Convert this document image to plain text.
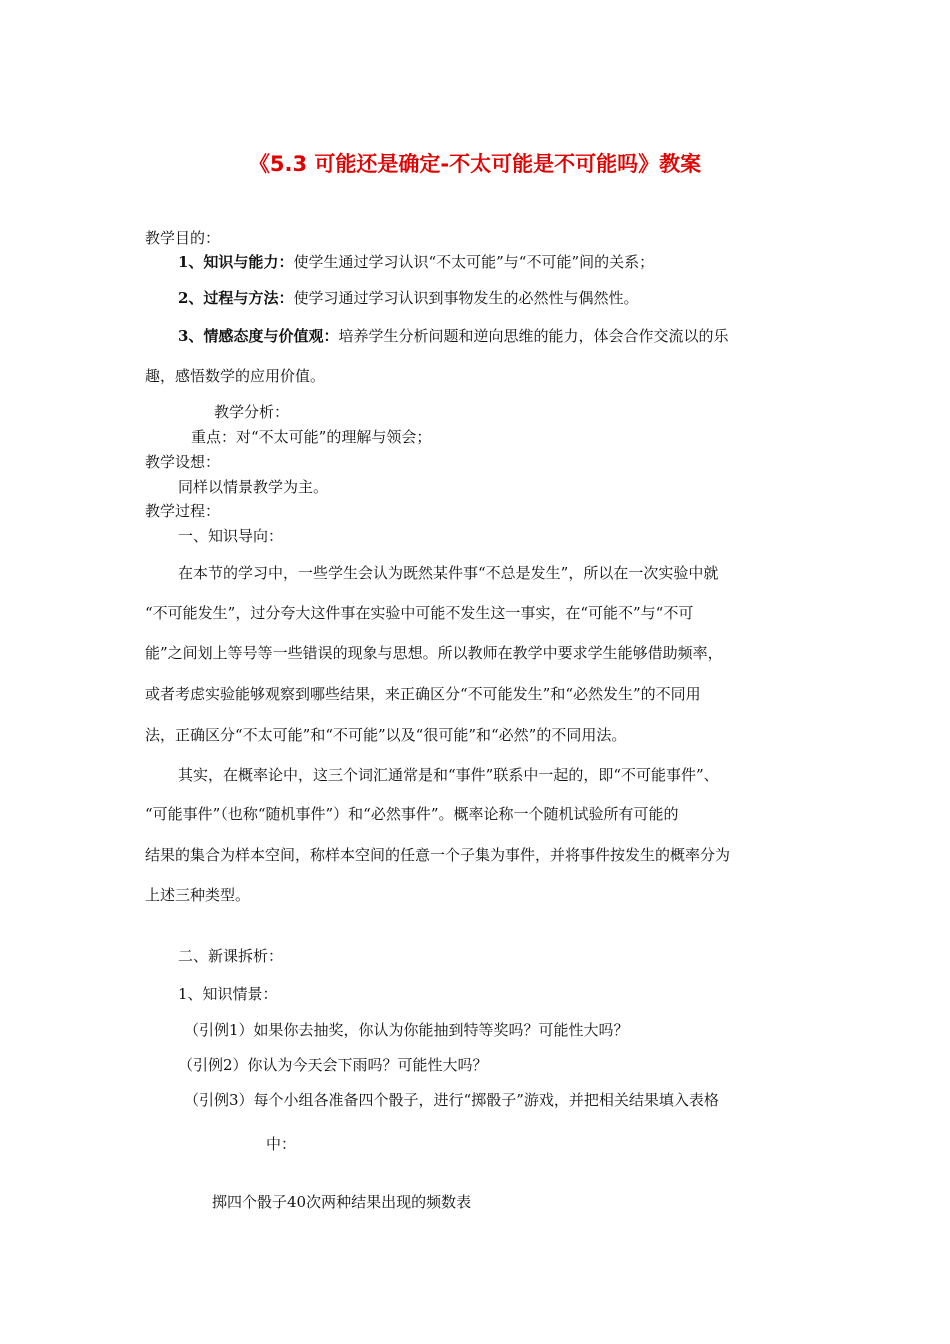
《5.3 可能还是确定-不太可能是不可能吗》教案
教学目的：
1、知识与能力：使学生通过学习认识“不太可能”与“不可能”间的关系；
2、过程与方法：使学习通过学习认识到事物发生的必然性与偶然性。
3、情感态度与价值观：培养学生分析问题和逆向思维的能力，体会合作交流以的乐
趣，感悟数学的应用价值。
教学分析：
重点：对“不太可能”的理解与领会；
教学设想：
同样以情景教学为主。
教学过程：
一、知识导向：
在本节的学习中，一些学生会认为既然某件事“不总是发生”，所以在一次实验中就
“不可能发生”，过分夸大这件事在实验中可能不发生这一事实，在“可能不”与“不可
能”之间划上等号等一些错误的现象与思想。所以教师在教学中要求学生能够借助频率，
或者考虑实验能够观察到哪些结果，来正确区分“不可能发生”和“必然发生”的不同用
法，正确区分“不太可能”和“不可能”以及“很可能”和“必然”的不同用法。
其实，在概率论中，这三个词汇通常是和“事件”联系中一起的，即“不可能事件”、
“可能事件”（也称“随机事件”）和“必然事件”。概率论称一个随机试验所有可能的
结果的集合为样本空间，称样本空间的任意一个子集为事件，并将事件按发生的概率分为
上述三种类型。
二、新课拆析：
1、知识情景：
（引例1）如果你去抽奖，你认为你能抽到特等奖吗？可能性大吗？
（引例2）你认为今天会下雨吗？可能性大吗？
（引例3）每个小组各准备四个骰子，进行“掷骰子”游戏，并把相关结果填入表格
中：
掷四个骰子40次两种结果出现的频数表
